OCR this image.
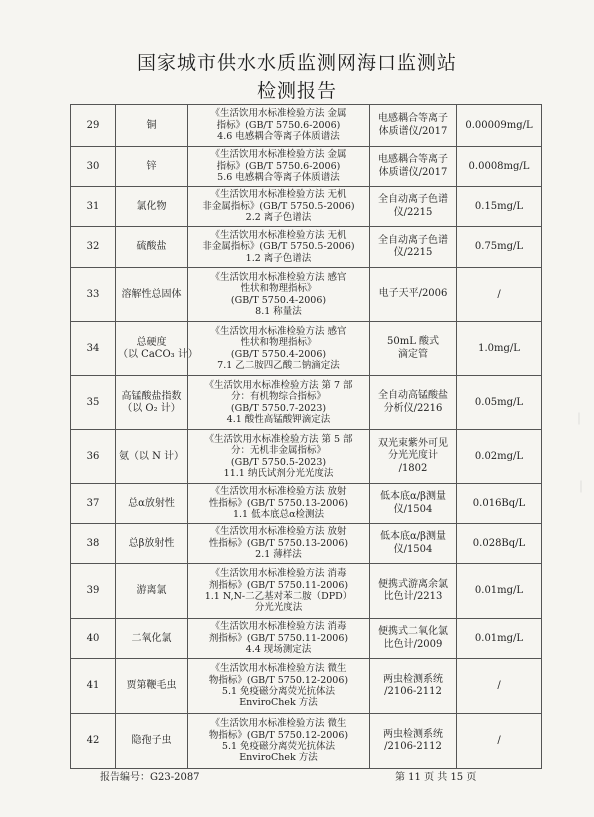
国家城市供水水质监测网海口监测站
检测报告
29	铜	《生活饮用水标准检验方法 金属
指标》(GB/T 5750.6-2006)
4.6 电感耦合等离子体质谱法	电感耦合等离子
体质谱仪/2017	0.00009mg/L

30	锌	《生活饮用水标准检验方法 金属
指标》(GB/T 5750.6-2006)
5.6 电感耦合等离子体质谱法	电感耦合等离子
体质谱仪/2017	0.0008mg/L

31	氯化物	《生活饮用水标准检验方法 无机
非金属指标》(GB/T 5750.5-2006)
2.2 离子色谱法	全自动离子色谱
仪/2215	0.15mg/L

32	硫酸盐	《生活饮用水标准检验方法 无机
非金属指标》(GB/T 5750.5-2006)
1.2 离子色谱法	全自动离子色谱
仪/2215	0.75mg/L

33	溶解性总固体	《生活饮用水标准检验方法 感官
性状和物理指标》
(GB/T 5750.4-2006)
8.1 称量法	电子天平/2006	/

34	总硬度
（以 CaCO₃ 计）	《生活饮用水标准检验方法 感官
性状和物理指标》
(GB/T 5750.4-2006)
7.1 乙二胺四乙酸二钠滴定法	50mL 酸式
滴定管	1.0mg/L

35	高锰酸盐指数
（以 O₂ 计）	《生活饮用水标准检验方法 第 7 部
分：有机物综合指标》
(GB/T 5750.7-2023)
4.1 酸性高锰酸钾滴定法	全自动高锰酸盐
分析仪/2216	0.05mg/L

36	氨（以 N 计）	《生活饮用水标准检验方法 第 5 部
分：无机非金属指标》
(GB/T 5750.5-2023)
11.1 纳氏试剂分光光度法	双光束紫外可见
分光光度计
/1802	0.02mg/L

37	总α放射性	《生活饮用水标准检验方法 放射
性指标》(GB/T 5750.13-2006)
1.1 低本底总α检测法	低本底α/β测量
仪/1504	0.016Bq/L

38	总β放射性	《生活饮用水标准检验方法 放射
性指标》(GB/T 5750.13-2006)
2.1 薄样法	低本底α/β测量
仪/1504	0.028Bq/L

39	游离氯	《生活饮用水标准检验方法 消毒
剂指标》(GB/T 5750.11-2006)
1.1 N,N-二乙基对苯二胺（DPD）
分光光度法	便携式游离余氯
比色计/2213	0.01mg/L

40	二氧化氯	《生活饮用水标准检验方法 消毒
剂指标》(GB/T 5750.11-2006)
4.4 现场测定法	便携式二氧化氯
比色计/2009	0.01mg/L

41	贾第鞭毛虫	《生活饮用水标准检验方法 微生
物指标》(GB/T 5750.12-2006)
5.1 免疫磁分离荧光抗体法
EnviroChek 方法	两虫检测系统
/2106-2112	/

42	隐孢子虫	《生活饮用水标准检验方法 微生
物指标》(GB/T 5750.12-2006)
5.1 免疫磁分离荧光抗体法
EnviroChek 方法	两虫检测系统
/2106-2112	/
报告编号：G23-2087	第 11 页 共 15 页
｜
｜
